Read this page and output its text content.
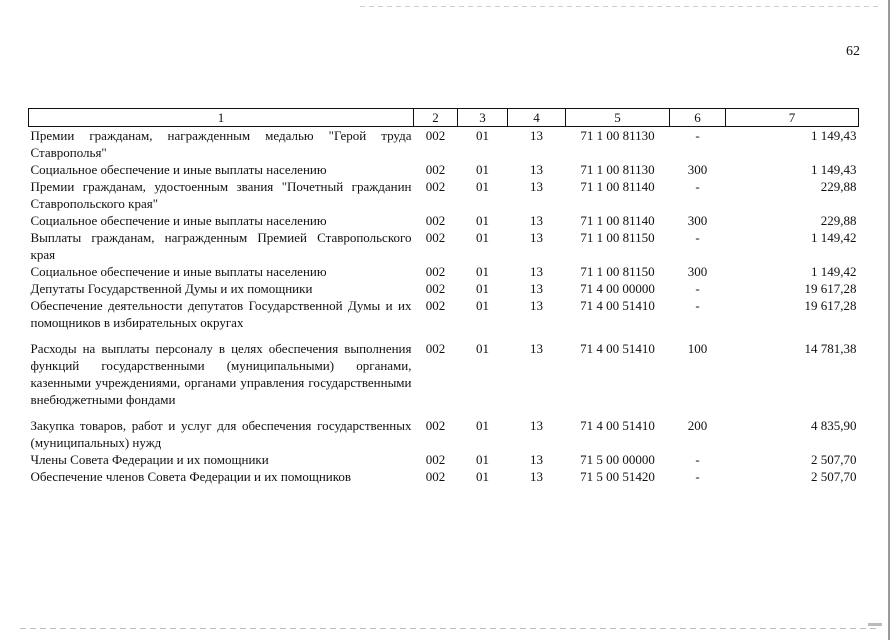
62
1	2	3	4	5	6	7
Премии гражданам, награжденным медалью "Герой труда Ставрополья"	002	01	13	71 1 00 81130	-	1 149,43
Социальное обеспечение и иные выплаты населению	002	01	13	71 1 00 81130	300	1 149,43
Премии гражданам, удостоенным звания "Почетный гражданин Ставропольского края"	002	01	13	71 1 00 81140	-	229,88
Социальное обеспечение и иные выплаты населению	002	01	13	71 1 00 81140	300	229,88
Выплаты гражданам, награжденным Премией Ставропольского края	002	01	13	71 1 00 81150	-	1 149,42
Социальное обеспечение и иные выплаты населению	002	01	13	71 1 00 81150	300	1 149,42
Депутаты Государственной Думы и их помощники	002	01	13	71 4 00 00000	-	19 617,28
Обеспечение деятельности депутатов Государственной Думы и их помощников в избирательных округах	002	01	13	71 4 00 51410	-	19 617,28
Расходы на выплаты персоналу в целях обеспечения выполнения функций государственными (муниципальными) органами, казенными учреждениями, органами управления государственными внебюджетными фондами	002	01	13	71 4 00 51410	100	14 781,38
Закупка товаров, работ и услуг для обеспечения государственных (муниципальных) нужд	002	01	13	71 4 00 51410	200	4 835,90
Члены Совета Федерации и их помощники	002	01	13	71 5 00 00000	-	2 507,70
Обеспечение членов Совета Федерации и их помощников	002	01	13	71 5 00 51420	-	2 507,70
